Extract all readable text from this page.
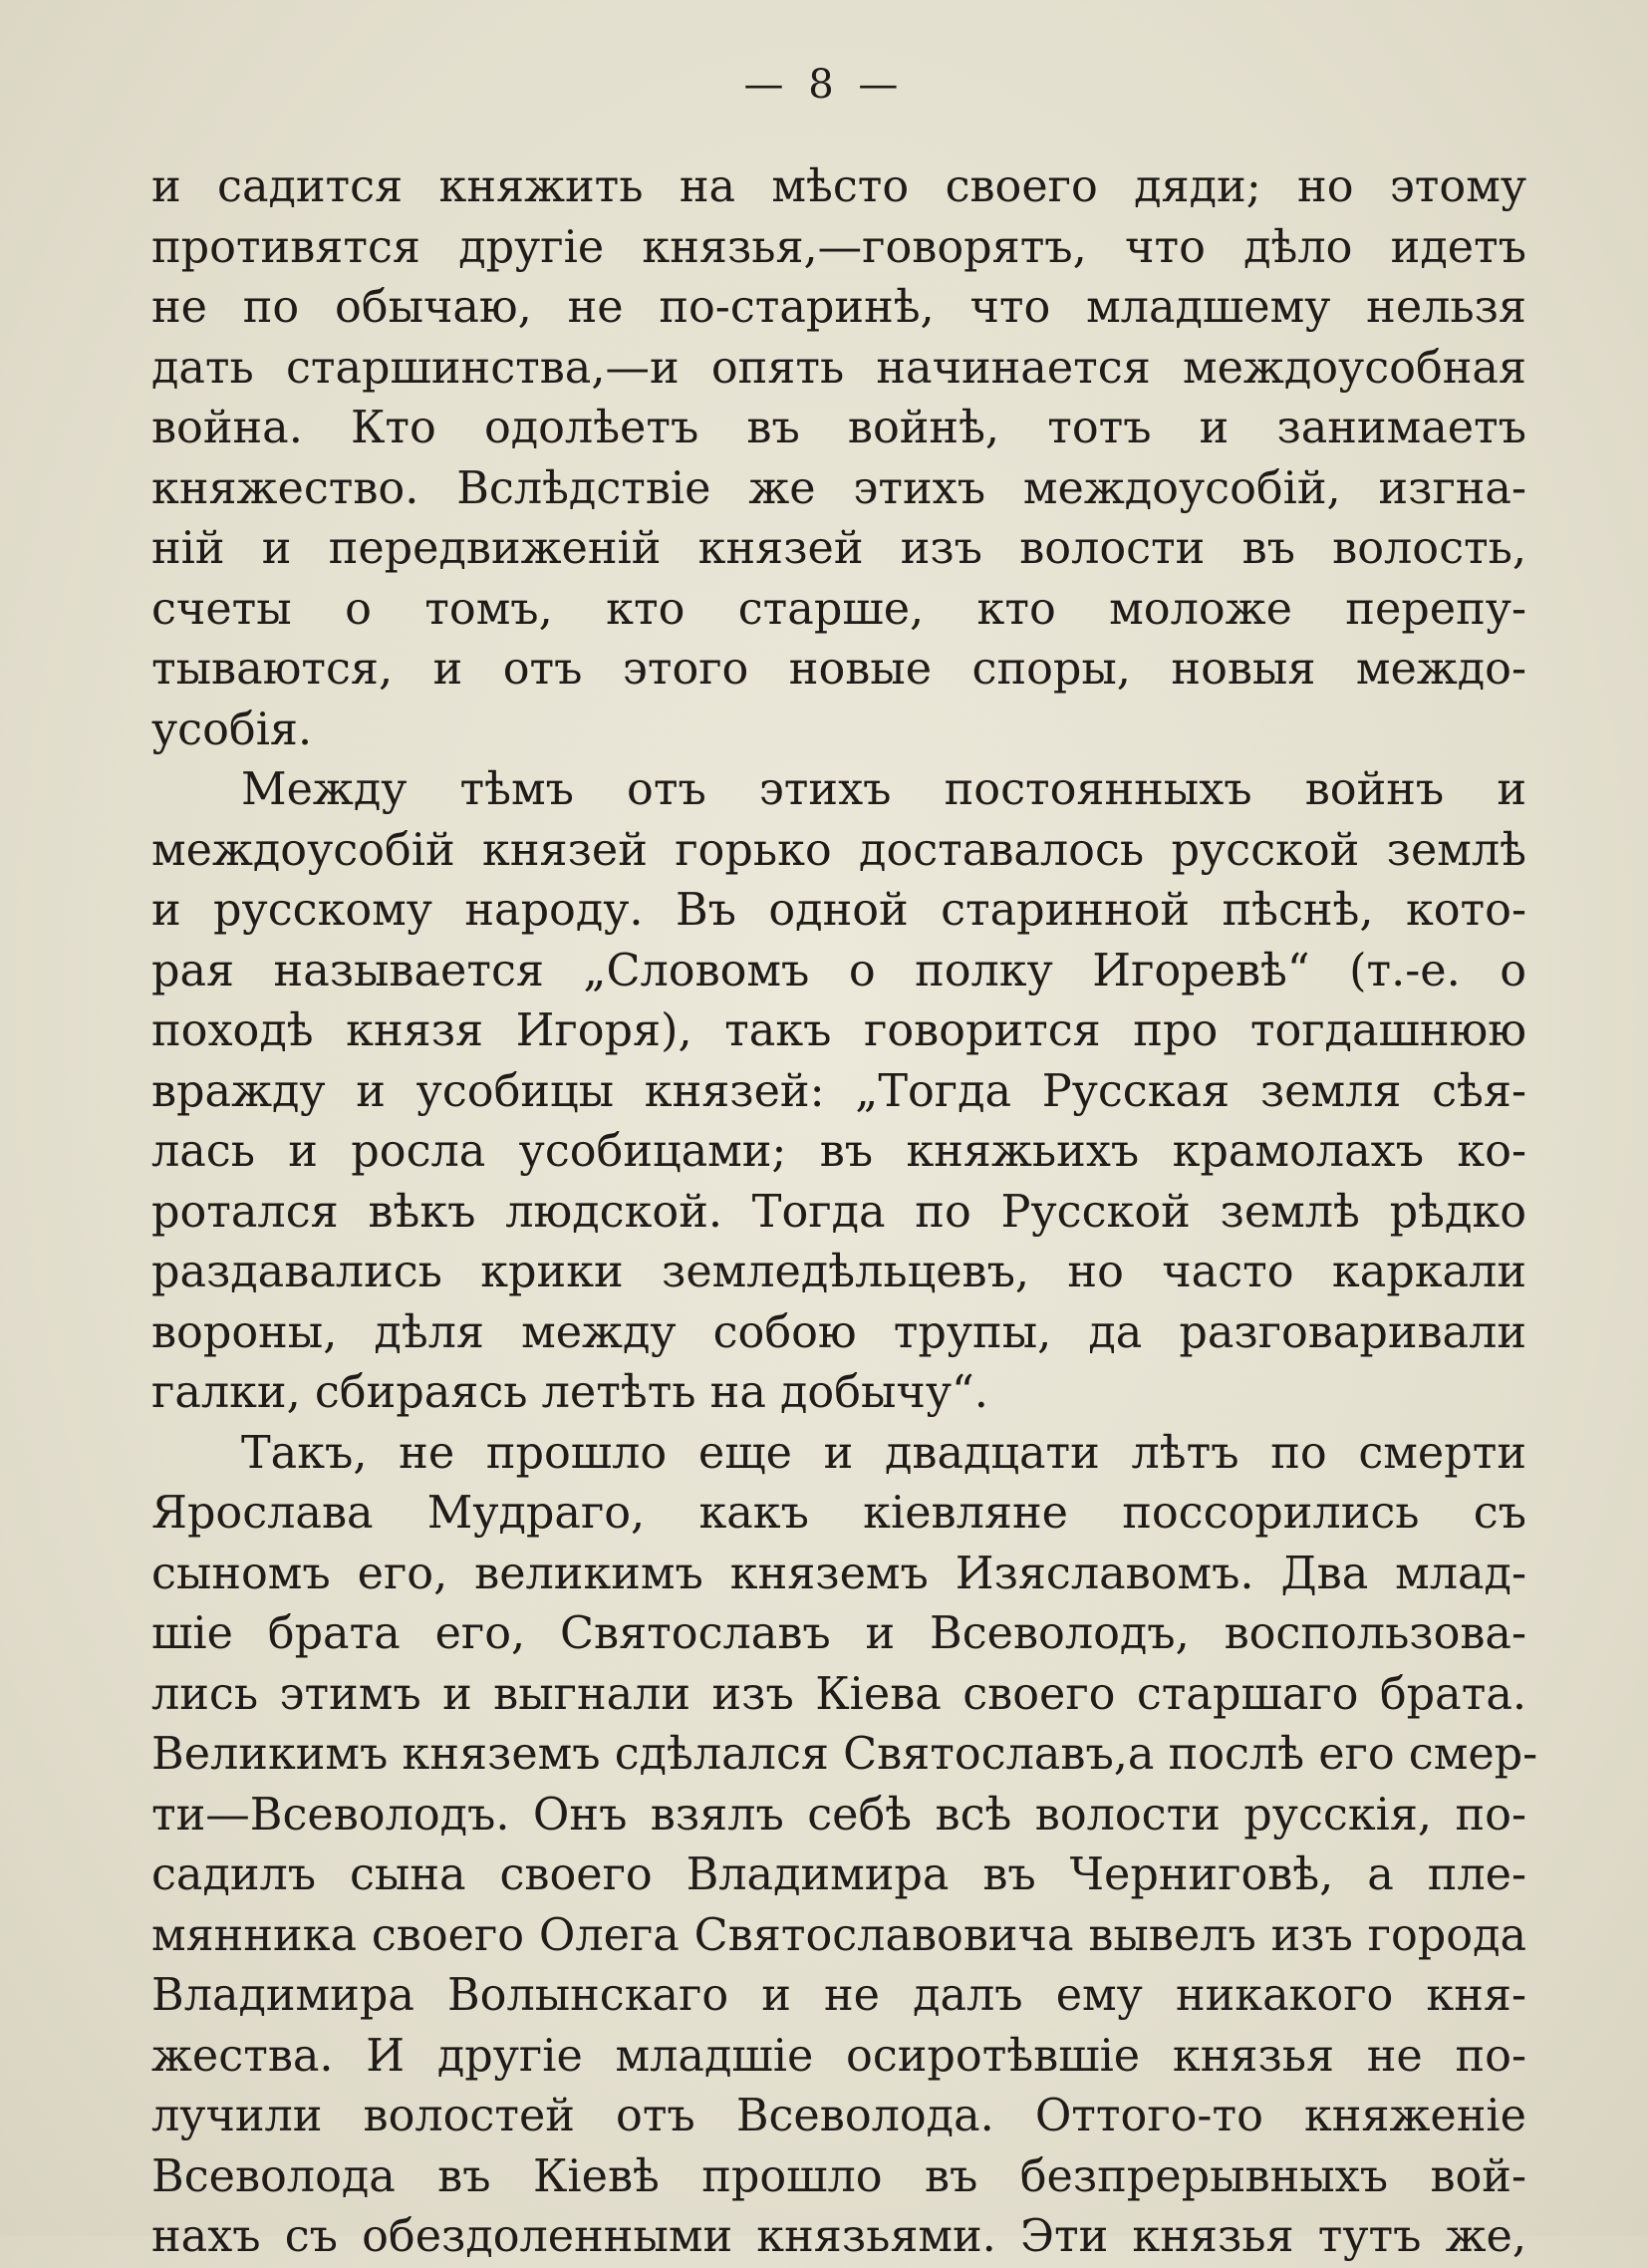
— 8 —

и садится княжить на мѣсто своего дяди; но этому
противятся другіе князья,—говорятъ, что дѣло идетъ
не по обычаю, не по-старинѣ, что младшему нельзя
дать старшинства,—и опять начинается междоусобная
война. Кто одолѣетъ въ войнѣ, тотъ и занимаетъ
княжество. Вслѣдствіе же этихъ междоусобій, изгна-
ній и передвиженій князей изъ волости въ волость,
счеты о томъ, кто старше, кто моложе перепу-
тываются, и отъ этого новые споры, новыя междо-
усобія.

Между тѣмъ отъ этихъ постоянныхъ войнъ и
междоусобій князей горько доставалось русской землѣ
и русскому народу. Въ одной старинной пѣснѣ, кото-
рая называется „Словомъ о полку Игоревѣ“ (т.-е. о
походѣ князя Игоря), такъ говорится про тогдашнюю
вражду и усобицы князей: „Тогда Русская земля сѣя-
лась и росла усобицами; въ княжьихъ крамолахъ ко-
ротался вѣкъ людской. Тогда по Русской землѣ рѣдко
раздавались крики земледѣльцевъ, но часто каркали
вороны, дѣля между собою трупы, да разговаривали
галки, сбираясь летѣть на добычу“.

Такъ, не прошло еще и двадцати лѣтъ по смерти
Ярослава Мудраго, какъ кіевляне поссорились съ
сыномъ его, великимъ княземъ Изяславомъ. Два млад-
шіе брата его, Святославъ и Всеволодъ, воспользова-
лись этимъ и выгнали изъ Кіева своего старшаго брата.
Великимъ княземъ сдѣлался Святославъ,а послѣ его смер-
ти—Всеволодъ. Онъ взялъ себѣ всѣ волости русскія, по-
садилъ сына своего Владимира въ Черниговѣ, а пле-
мянника своего Олега Святославовича вывелъ изъ города
Владимира Волынскаго и не далъ ему никакого кня-
жества. И другіе младшіе осиротѣвшіе князья не по-
лучили волостей отъ Всеволода. Оттого-то княженіе
Всеволода въ Кіевѣ прошло въ безпрерывныхъ вой-
нахъ съ обездоленными князьями. Эти князья тутъ же,
